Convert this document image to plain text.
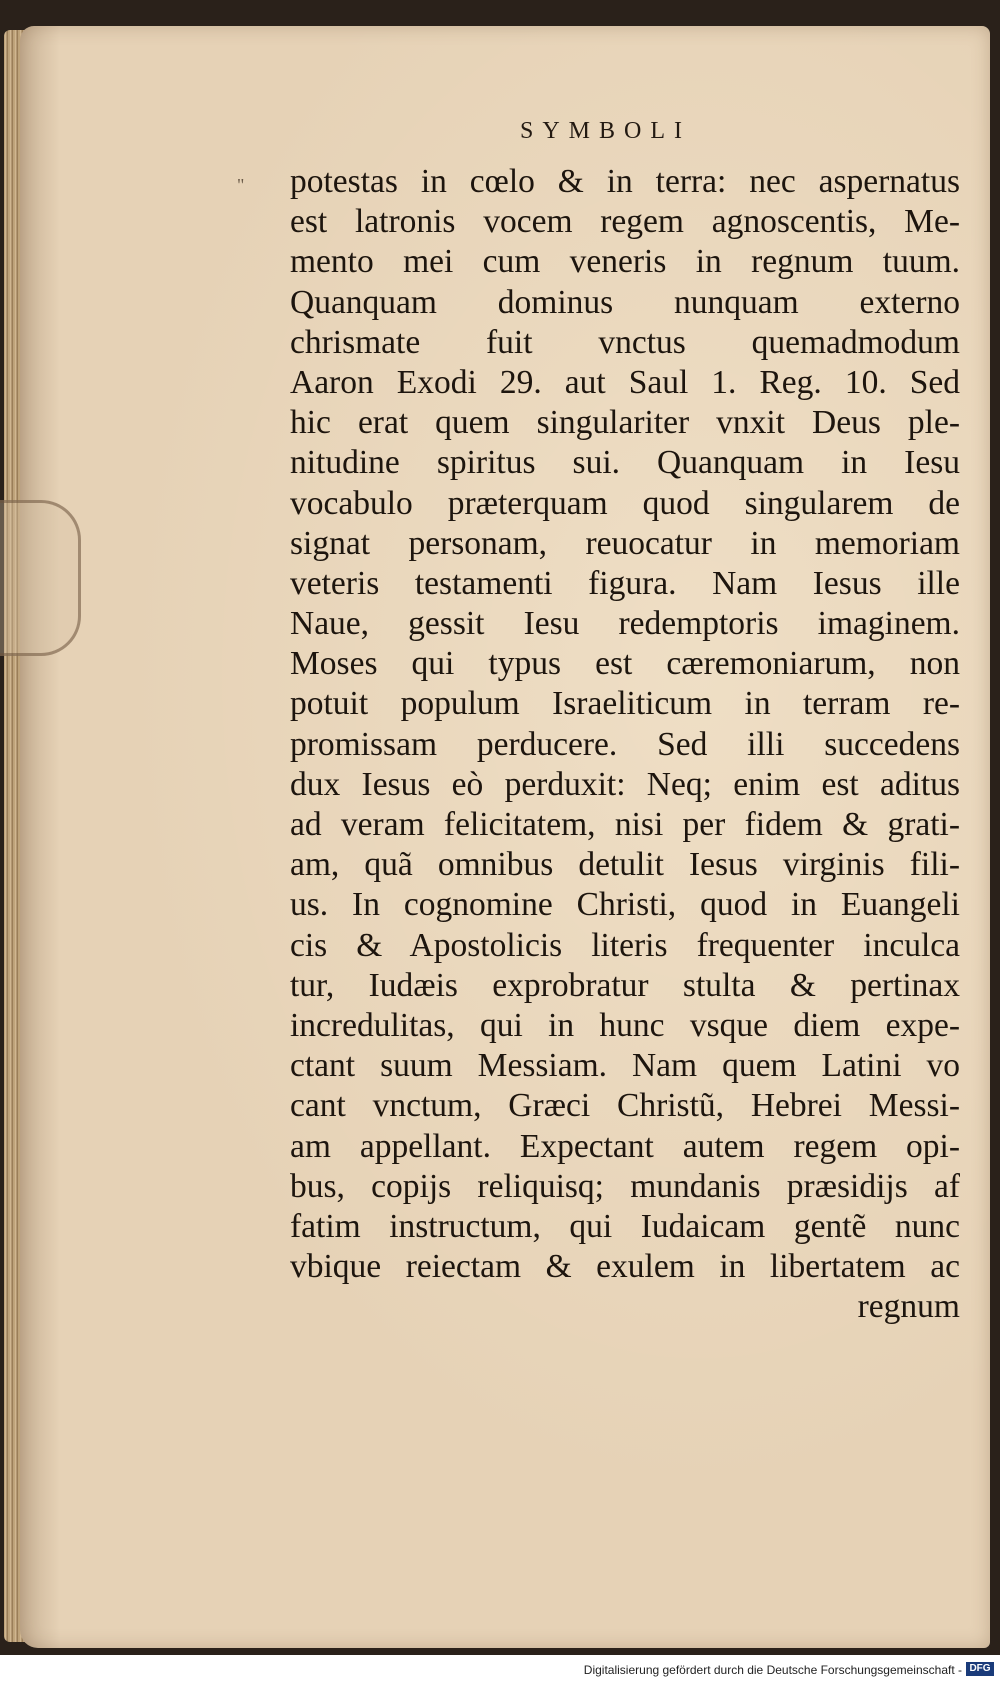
SYMBOLI
" potestas in cœlo & in terra: nec aspernatus
est latronis vocem regem agnoscentis, Me-
mento mei cum veneris in regnum tuum.
Quanquam dominus nunquam externo
chrismate fuit vnctus quemadmodum
Aaron Exodi 29. aut Saul 1. Reg. 10. Sed
hic erat quem singulariter vnxit Deus ple-
nitudine spiritus sui. Quanquam in Iesu
vocabulo præterquam quod singularem de
signat personam, reuocatur in memoriam
veteris testamenti figura. Nam Iesus ille
Naue, gessit Iesu redemptoris imaginem.
Moses qui typus est cæremoniarum, non
potuit populum Israeliticum in terram re-
promissam perducere. Sed illi succedens
dux Iesus eò perduxit: Neq; enim est aditus
ad veram felicitatem, nisi per fidem & grati-
am, quã omnibus detulit Iesus virginis fili-
us. In cognomine Christi, quod in Euangeli
cis & Apostolicis literis frequenter inculca
tur, Iudæis exprobratur stulta & pertinax
incredulitas, qui in hunc vsque diem expe-
ctant suum Messiam. Nam quem Latini vo
cant vnctum, Græci Christũ, Hebrei Messi-
am appellant. Expectant autem regem opi-
bus, copijs reliquisq; mundanis præsidijs af
fatim instructum, qui Iudaicam gentẽ nunc
vbique reiectam & exulem in libertatem ac
regnum
Digitalisierung gefördert durch die Deutsche Forschungsgemeinschaft - DFG
